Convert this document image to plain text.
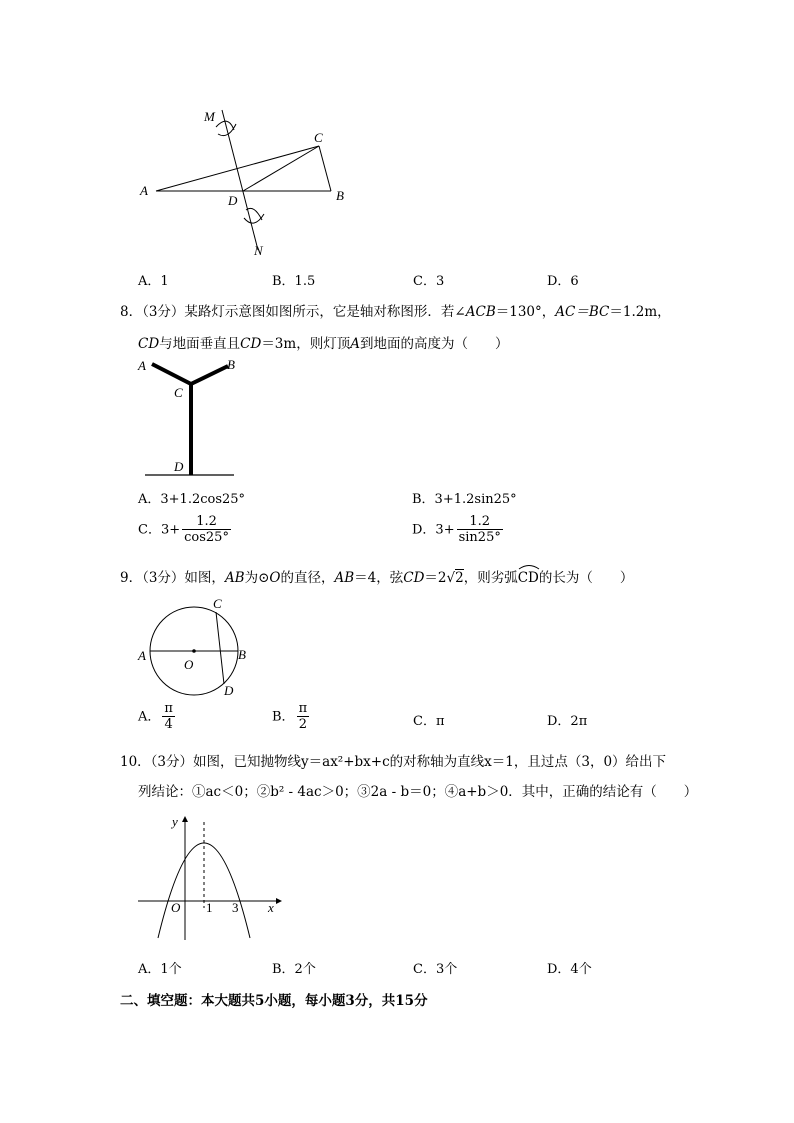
M
C
A
D	B
N
A．1	B．1.5	C．3	D．6
8．（3分）某路灯示意图如图所示，它是轴对称图形．若∠ACB＝130°，AC＝BC＝1.2m，
CD与地面垂直且CD＝3m，则灯顶A到地面的高度为（　　）
A	B
C
D
A．3+1.2cos25°	B．3+1.2sin25°
C．$3+ \frac{1.2}{\cos 25^\circ}$	D．$3+ \frac{1.2}{\sin 25^\circ}$
9．（3分）如图，AB为⊙O的直径，AB＝4，弦CD＝2√2，则劣弧
CD的长为（　　）
A	B
C
D
O
A． $\frac{\pi}{4}$	B． $\frac{\pi}{2}$	C．π	D．2π
10．（3分）如图，已知抛物线y＝ax²+bx+c的对称轴为直线x＝1，且过点（3，0）给出下
列结论：①ac＜0；②b² - 4ac＞0；③2a - b＝0；④a+b＞0．其中，正确的结论有（　　）
y
x
O 1 3
A．1个	B．2个	C．3个	D．4个
二、填空题：本大题共5小题，每小题3分，共15分
